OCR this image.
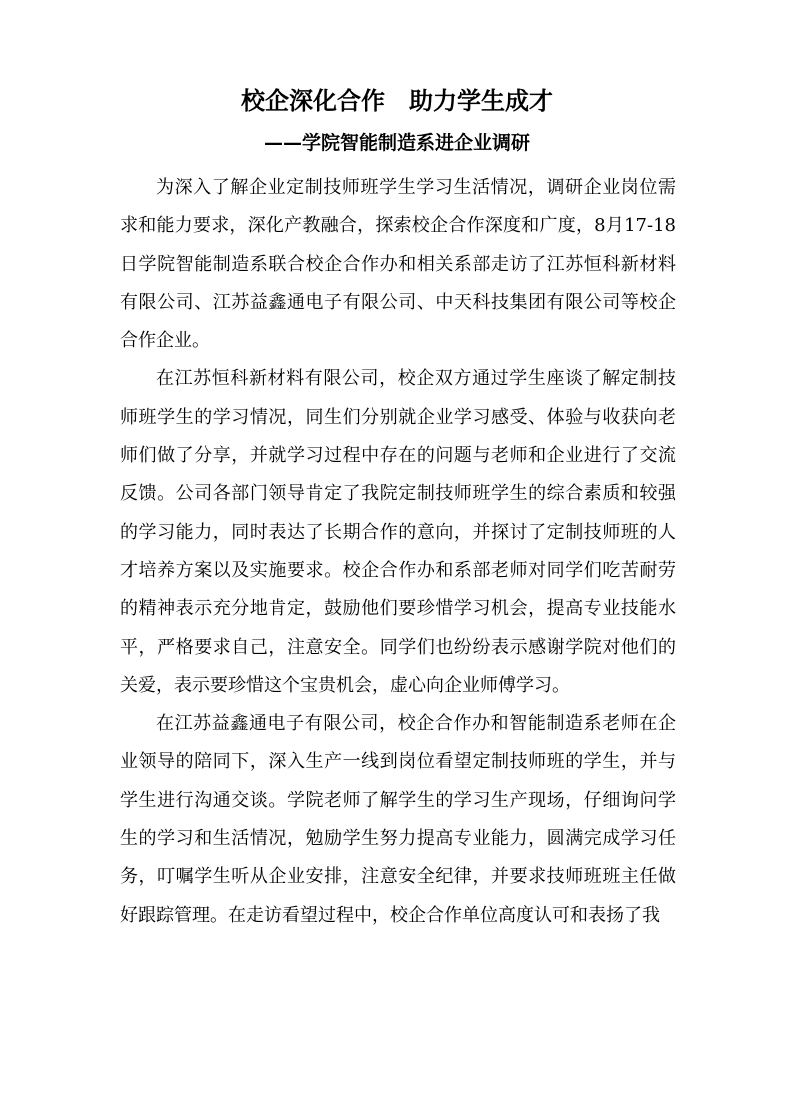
校企深化合作　助力学生成才
——学院智能制造系进企业调研

为深入了解企业定制技师班学生学习生活情况，调研企业岗位需求和能力要求，深化产教融合，探索校企合作深度和广度，8月17-18日学院智能制造系联合校企合作办和相关系部走访了江苏恒科新材料有限公司、江苏益鑫通电子有限公司、中天科技集团有限公司等校企合作企业。

在江苏恒科新材料有限公司，校企双方通过学生座谈了解定制技师班学生的学习情况，同生们分别就企业学习感受、体验与收获向老师们做了分享，并就学习过程中存在的问题与老师和企业进行了交流反馈。公司各部门领导肯定了我院定制技师班学生的综合素质和较强的学习能力，同时表达了长期合作的意向，并探讨了定制技师班的人才培养方案以及实施要求。校企合作办和系部老师对同学们吃苦耐劳的精神表示充分地肯定，鼓励他们要珍惜学习机会，提高专业技能水平，严格要求自己，注意安全。同学们也纷纷表示感谢学院对他们的关爱，表示要珍惜这个宝贵机会，虚心向企业师傅学习。

在江苏益鑫通电子有限公司，校企合作办和智能制造系老师在企业领导的陪同下，深入生产一线到岗位看望定制技师班的学生，并与学生进行沟通交谈。学院老师了解学生的学习生产现场，仔细询问学生的学习和生活情况，勉励学生努力提高专业能力，圆满完成学习任务，叮嘱学生听从企业安排，注意安全纪律，并要求技师班班主任做好跟踪管理。在走访看望过程中，校企合作单位高度认可和表扬了我
